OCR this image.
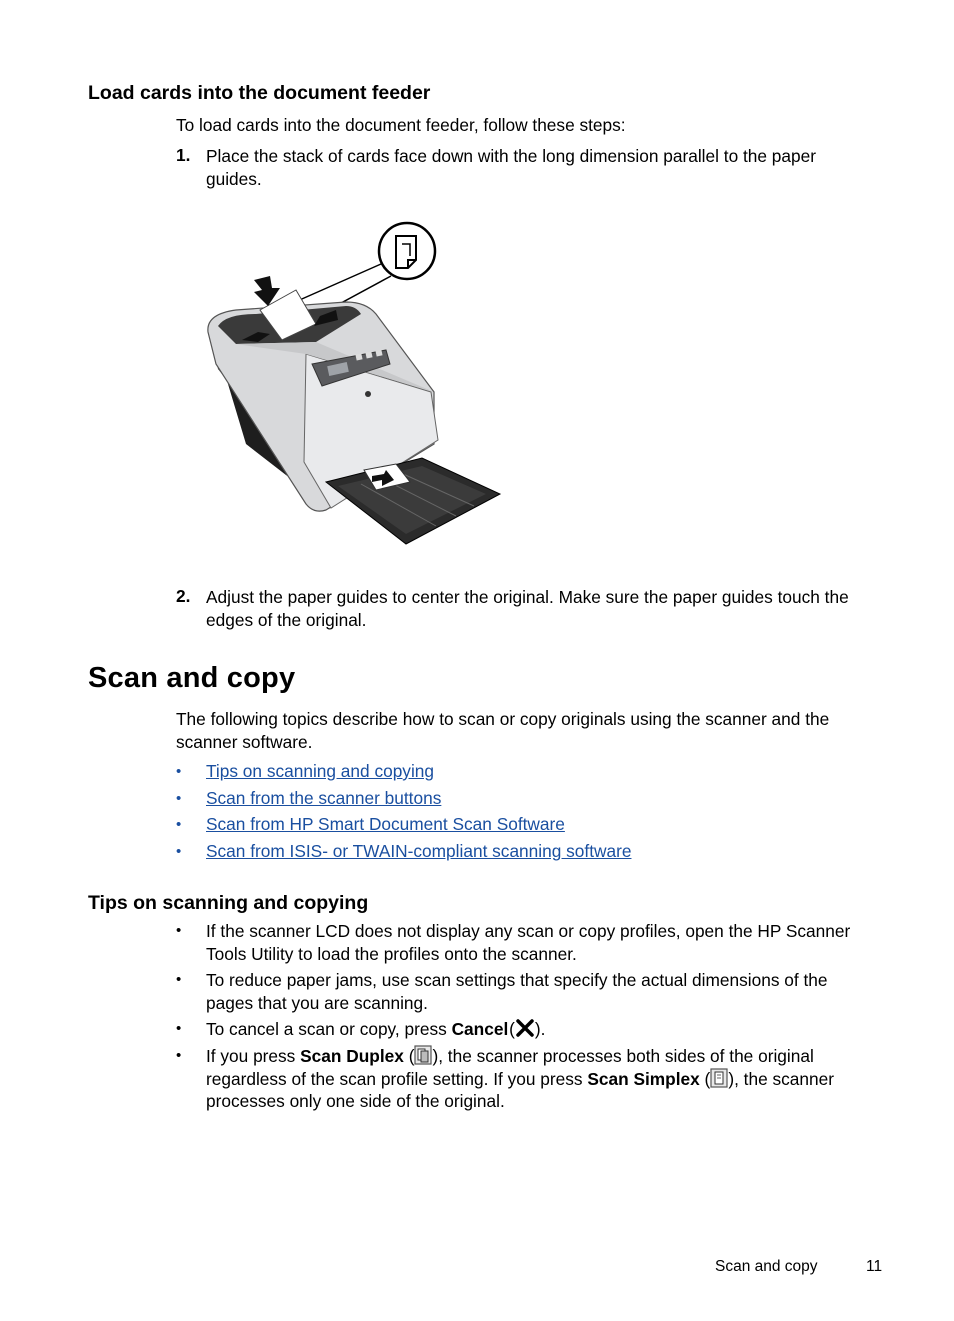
Load cards into the document feeder
To load cards into the document feeder, follow these steps:
1. Place the stack of cards face down with the long dimension parallel to the paper
guides.
2. Adjust the paper guides to center the original. Make sure the paper guides touch the
edges of the original.
Scan and copy
The following topics describe how to scan or copy originals using the scanner and the
scanner software.
• Tips on scanning and copying
• Scan from the scanner buttons
• Scan from HP Smart Document Scan Software
• Scan from ISIS- or TWAIN-compliant scanning software
Tips on scanning and copying
• If the scanner LCD does not display any scan or copy profiles, open the HP Scanner
Tools Utility to load the profiles onto the scanner.
• To reduce paper jams, use scan settings that specify the actual dimensions of the
pages that you are scanning.
• To cancel a scan or copy, press Cancel ( ).
• If you press Scan Duplex ( ), the scanner processes both sides of the original
regardless of the scan profile setting. If you press Scan Simplex ( ), the scanner
processes only one side of the original.
Scan and copy	11
